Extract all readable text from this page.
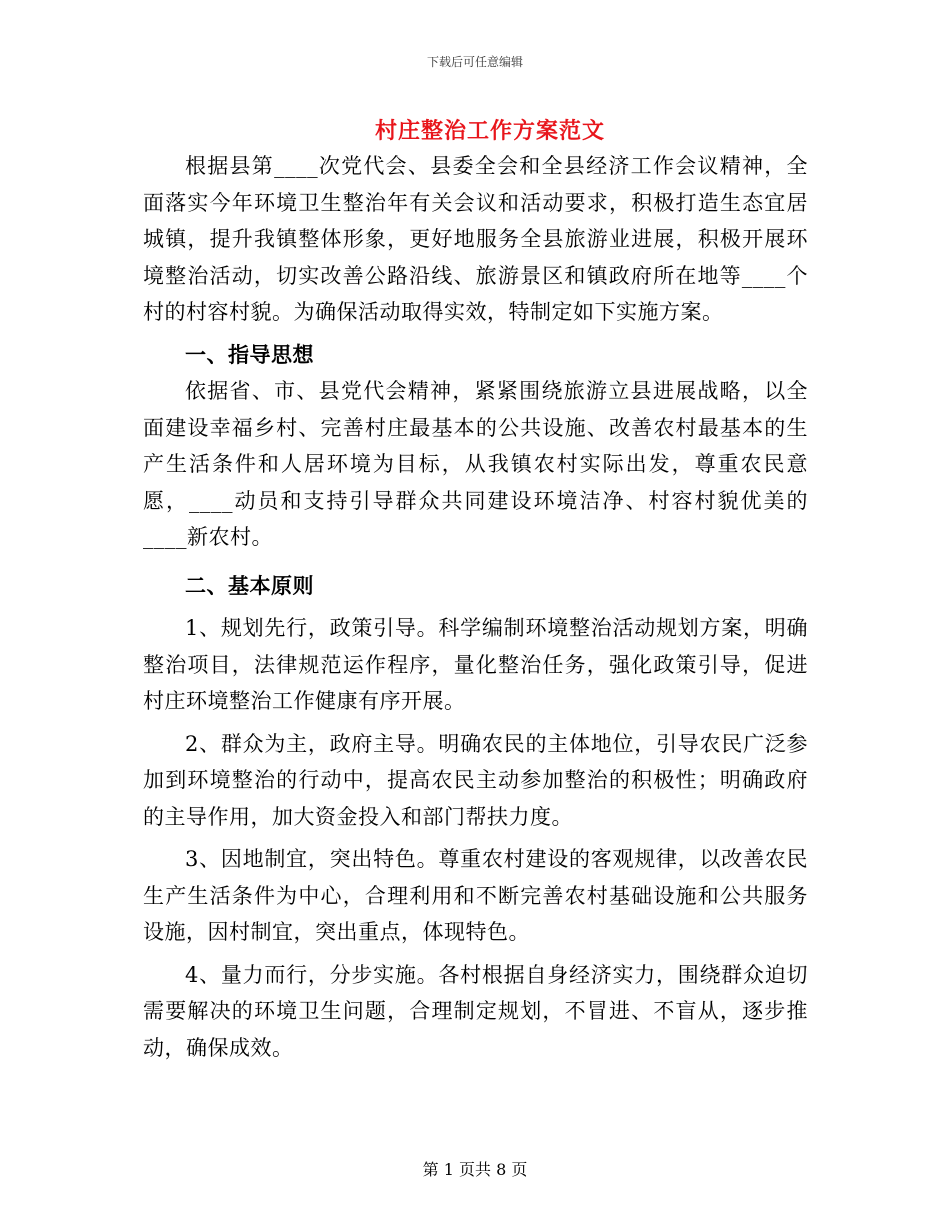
下载后可任意编辑
村庄整治工作方案范文

根据县第____次党代会、县委全会和全县经济工作会议精神，全面落实今年环境卫生整治年有关会议和活动要求，积极打造生态宜居城镇，提升我镇整体形象，更好地服务全县旅游业进展，积极开展环境整治活动，切实改善公路沿线、旅游景区和镇政府所在地等____个村的村容村貌。为确保活动取得实效，特制定如下实施方案。

一、指导思想

依据省、市、县党代会精神，紧紧围绕旅游立县进展战略，以全面建设幸福乡村、完善村庄最基本的公共设施、改善农村最基本的生产生活条件和人居环境为目标，从我镇农村实际出发，尊重农民意愿，____动员和支持引导群众共同建设环境洁净、村容村貌优美的____新农村。

二、基本原则

1、规划先行，政策引导。科学编制环境整治活动规划方案，明确整治项目，法律规范运作程序，量化整治任务，强化政策引导，促进村庄环境整治工作健康有序开展。

2、群众为主，政府主导。明确农民的主体地位，引导农民广泛参加到环境整治的行动中，提高农民主动参加整治的积极性；明确政府的主导作用，加大资金投入和部门帮扶力度。

3、因地制宜，突出特色。尊重农村建设的客观规律，以改善农民生产生活条件为中心，合理利用和不断完善农村基础设施和公共服务设施，因村制宜，突出重点，体现特色。

4、量力而行，分步实施。各村根据自身经济实力，围绕群众迫切需要解决的环境卫生问题，合理制定规划，不冒进、不盲从，逐步推动，确保成效。

第 1 页共 8 页
